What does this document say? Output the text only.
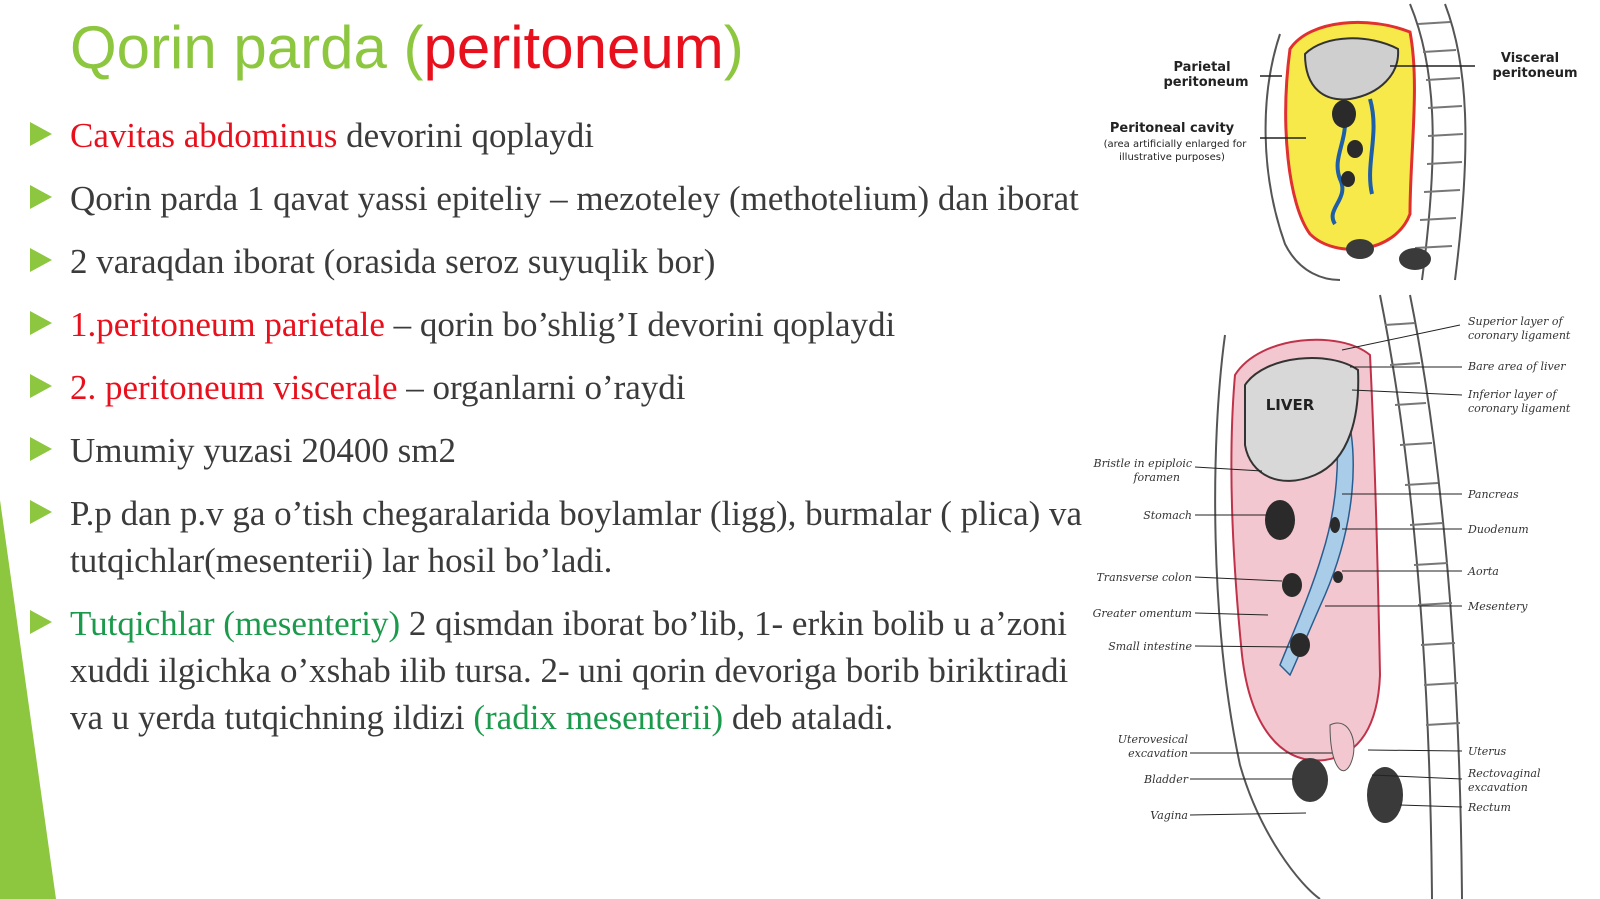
Qorin parda (peritoneum)
Cavitas abdominus devorini qoplaydi
Qorin parda 1 qavat yassi epiteliy – mezoteley (methotelium) dan iborat
2 varaqdan iborat (orasida seroz suyuqlik bor)
1.peritoneum parietale – qorin bo’shlig’I devorini qoplaydi
2. peritoneum viscerale – organlarni o’raydi
Umumiy yuzasi 20400 sm2
P.p dan p.v ga o’tish chegaralarida boylamlar (ligg), burmalar ( plica) va tutqichlar(mesenterii) lar hosil bo’ladi.
Tutqichlar (mesenteriy) 2 qismdan iborat bo’lib, 1- erkin bolib u a’zoni xuddi ilgichka o’xshab ilib tursa. 2- uni qorin devoriga borib biriktiradi va u yerda tutqichning ildizi (radix mesenterii) deb ataladi.
Parietal
peritoneum
Visceral
peritoneum
Peritoneal cavity
(area artificially enlarged for
illustrative purposes)
LIVER
Superior layer of
coronary ligament
Bare area of liver
Inferior layer of
coronary ligament
Pancreas
Duodenum
Aorta
Mesentery
Uterus
Rectovaginal
excavation
Rectum
Bristle in epiploic
foramen
Stomach
Transverse colon
Greater omentum
Small intestine
Uterovesical
excavation
Bladder
Vagina
